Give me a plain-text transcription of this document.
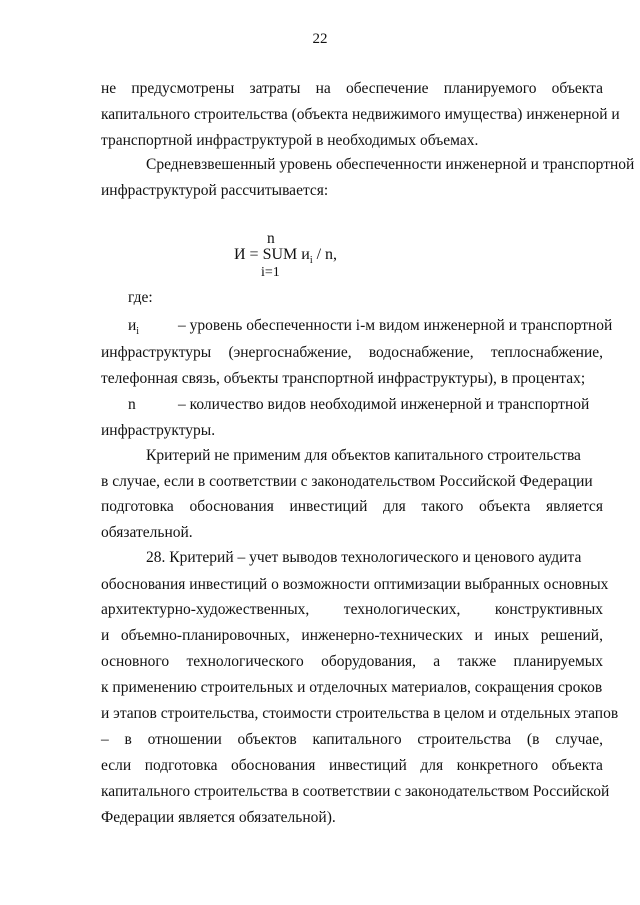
22
не предусмотрены затраты на обеспечение планируемого объекта
капитального строительства (объекта недвижимого имущества) инженерной и
транспортной инфраструктурой в необходимых объемах.
Средневзвешенный уровень обеспеченности инженерной и транспортной
инфраструктурой рассчитывается:
n
И = SUM $и_i$ / n,
i=1
где:
$и_i$	– уровень обеспеченности i-м видом инженерной и транспортной
инфраструктуры (энергоснабжение, водоснабжение, теплоснабжение,
телефонная связь, объекты транспортной инфраструктуры), в процентах;
n	– количество видов необходимой инженерной и транспортной
инфраструктуры.
Критерий не применим для объектов капитального строительства
в случае, если в соответствии с законодательством Российской Федерации
подготовка обоснования инвестиций для такого объекта является
обязательной.
28. Критерий – учет выводов технологического и ценового аудита
обоснования инвестиций о возможности оптимизации выбранных основных
архитектурно-художественных, технологических, конструктивных
и объемно-планировочных, инженерно-технических и иных решений,
основного технологического оборудования, а также планируемых
к применению строительных и отделочных материалов, сокращения сроков
и этапов строительства, стоимости строительства в целом и отдельных этапов
– в отношении объектов капитального строительства (в случае,
если подготовка обоснования инвестиций для конкретного объекта
капитального строительства в соответствии с законодательством Российской
Федерации является обязательной).
